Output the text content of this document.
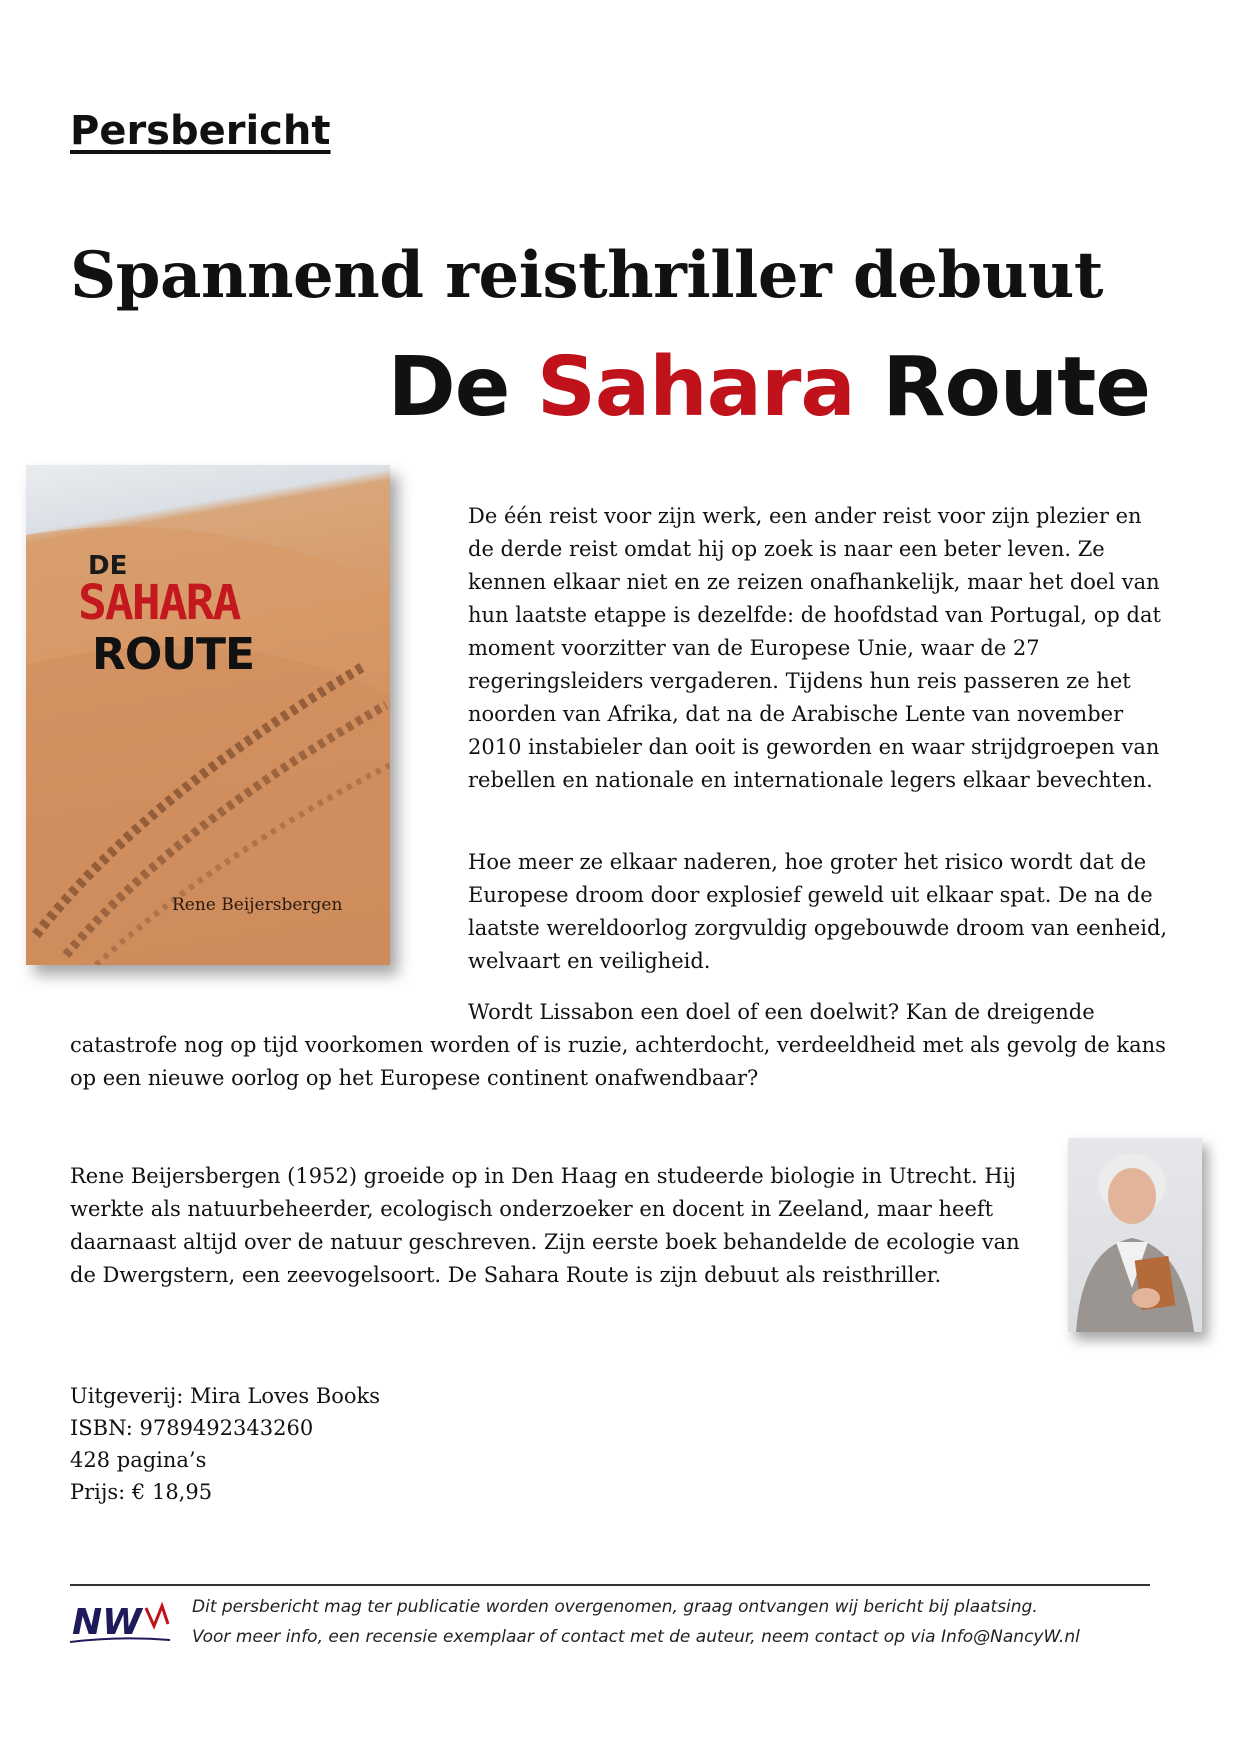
Persbericht
Spannend reisthriller debuut
De Sahara Route
DE
SAHARA
ROUTE
Rene Beijersbergen

De één reist voor zijn werk, een ander reist voor zijn plezier en de derde reist omdat hij op zoek is naar een beter leven. Ze kennen elkaar niet en ze reizen onafhankelijk, maar het doel van hun laatste etappe is dezelfde: de hoofdstad van Portugal, op dat moment voorzitter van de Europese Unie, waar de 27 regeringsleiders vergaderen. Tijdens hun reis passeren ze het noorden van Afrika, dat na de Arabische Lente van november 2010 instabieler dan ooit is geworden en waar strijdgroepen van rebellen en nationale en internationale legers elkaar bevechten.

Hoe meer ze elkaar naderen, hoe groter het risico wordt dat de Europese droom door explosief geweld uit elkaar spat. De na de laatste wereldoorlog zorgvuldig opgebouwde droom van eenheid, welvaart en veiligheid.

Wordt Lissabon een doel of een doelwit? Kan de dreigende catastrofe nog op tijd voorkomen worden of is ruzie, achterdocht, verdeeldheid met als gevolg de kans op een nieuwe oorlog op het Europese continent onafwendbaar?

Rene Beijersbergen (1952) groeide op in Den Haag en studeerde biologie in Utrecht. Hij werkte als natuurbeheerder, ecologisch onderzoeker en docent in Zeeland, maar heeft daarnaast altijd over de natuur geschreven. Zijn eerste boek behandelde de ecologie van de Dwergstern, een zeevogelsoort. De Sahara Route is zijn debuut als reisthriller.

Uitgeverij: Mira Loves Books
ISBN: 9789492343260
428 pagina’s
Prijs: € 18,95
NW	Dit persbericht mag ter publicatie worden overgenomen, graag ontvangen wij bericht bij plaatsing.
Voor meer info, een recensie exemplaar of contact met de auteur, neem contact op via Info@NancyW.nl
